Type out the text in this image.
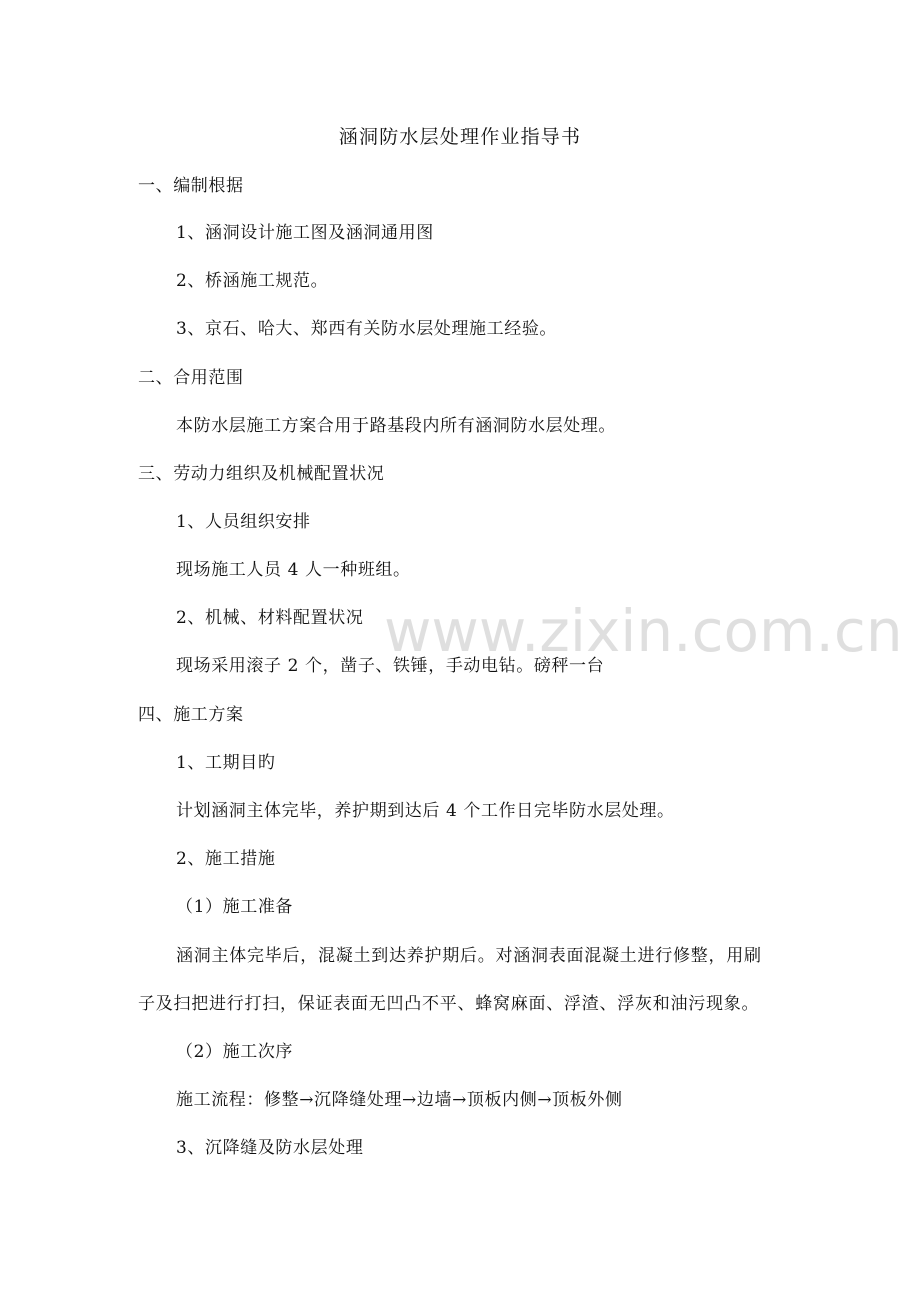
涵洞防水层处理作业指导书
一、编制根据
1、涵洞设计施工图及涵洞通用图
2、桥涵施工规范。
3、京石、哈大、郑西有关防水层处理施工经验。
二、合用范围
本防水层施工方案合用于路基段内所有涵洞防水层处理。
三、劳动力组织及机械配置状况
1、人员组织安排
现场施工人员 4 人一种班组。
2、机械、材料配置状况
现场采用滚子 2 个，凿子、铁锤，手动电钻。磅秤一台
四、施工方案
1、工期目旳
计划涵洞主体完毕，养护期到达后 4 个工作日完毕防水层处理。
2、施工措施
（1）施工准备
涵洞主体完毕后，混凝土到达养护期后。对涵洞表面混凝土进行修整，用刷
子及扫把进行打扫，保证表面无凹凸不平、蜂窝麻面、浮渣、浮灰和油污现象。
（2）施工次序
施工流程：修整→沉降缝处理→边墙→顶板内侧→顶板外侧
3、沉降缝及防水层处理
www.zixin.com.cn
